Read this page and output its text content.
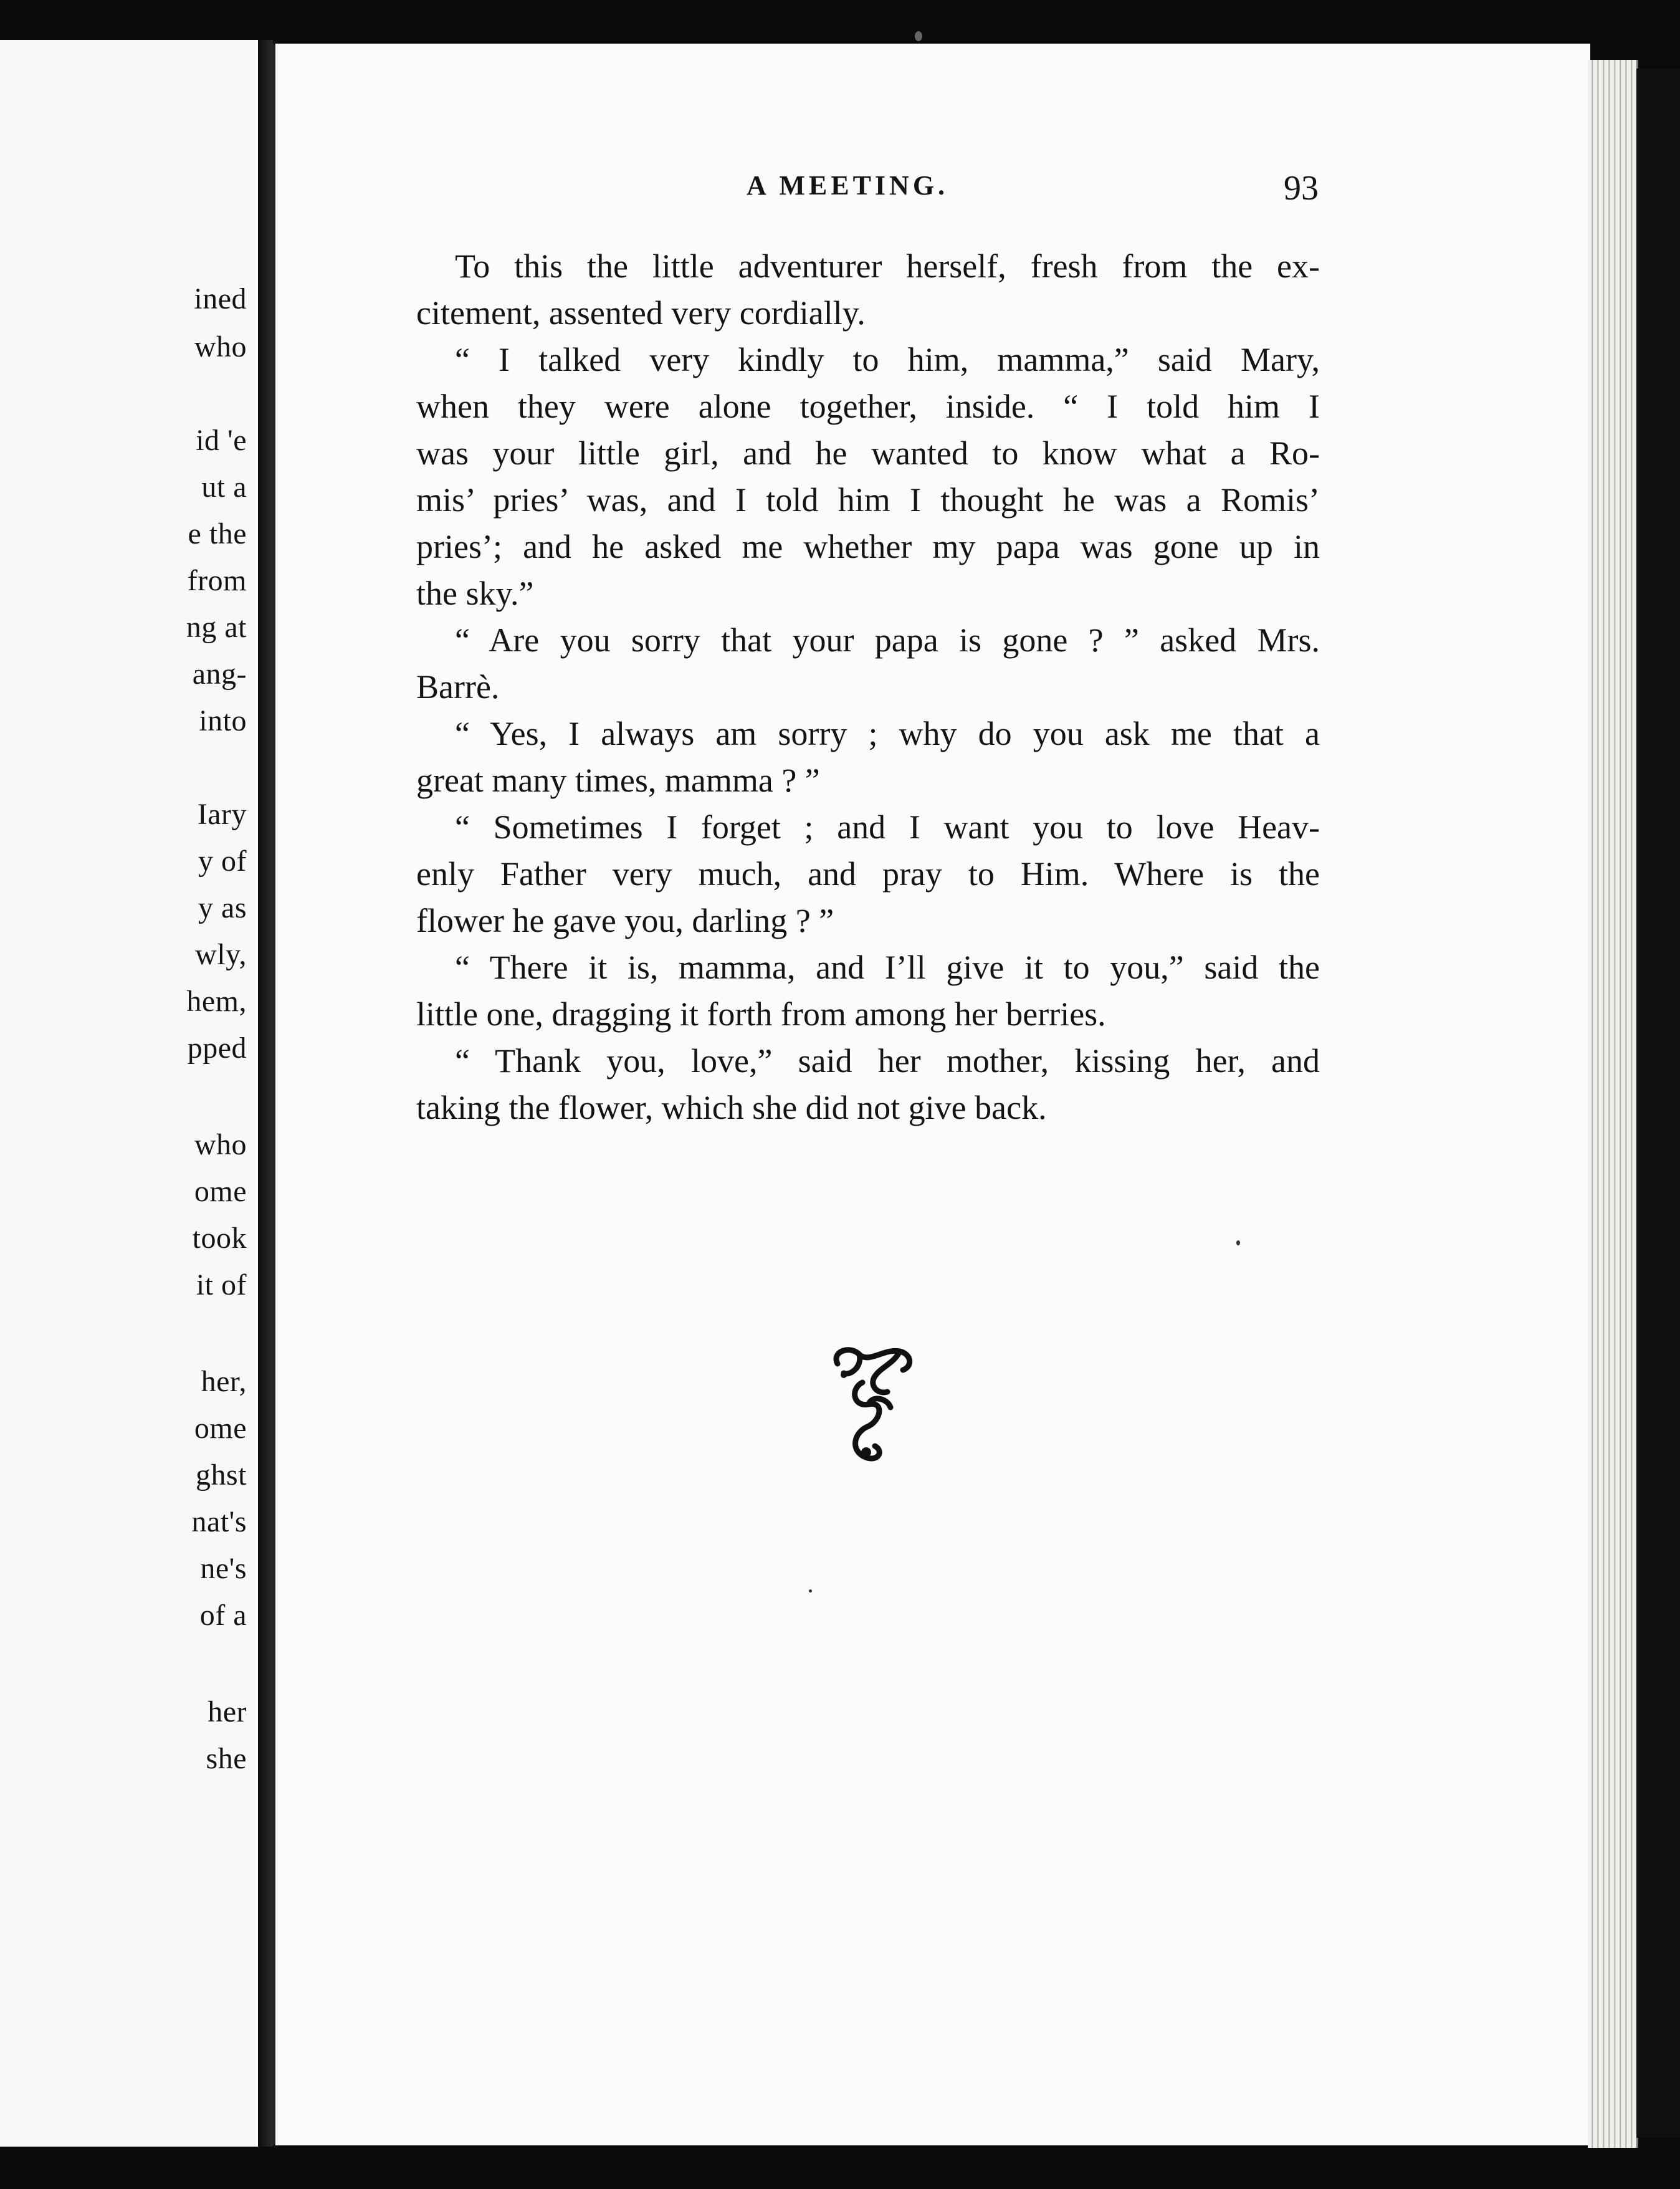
ined
who
id 'e
ut a
e the
from
ng at
ang-
into
Iary
y of
y as
wly,
hem,
pped
who
ome
took
it of
her,
ome
ghst
nat's
ne's
of a
her
she
A MEETING.	93
To this the little adventurer herself, fresh from the ex-
citement, assented very cordially.
“ I talked very kindly to him, mamma,” said Mary,
when they were alone together, inside. “ I told him I
was your little girl, and he wanted to know what a Ro-
mis’ pries’ was, and I told him I thought he was a Romis’
pries’; and he asked me whether my papa was gone up in
the sky.”
“ Are you sorry that your papa is gone ? ” asked Mrs.
Barrè.
“ Yes, I always am sorry ; why do you ask me that a
great many times, mamma ? ”
“ Sometimes I forget ; and I want you to love Heav-
enly Father very much, and pray to Him. Where is the
flower he gave you, darling ? ”
“ There it is, mamma, and I’ll give it to you,” said the
little one, dragging it forth from among her berries.
“ Thank you, love,” said her mother, kissing her, and
taking the flower, which she did not give back.
